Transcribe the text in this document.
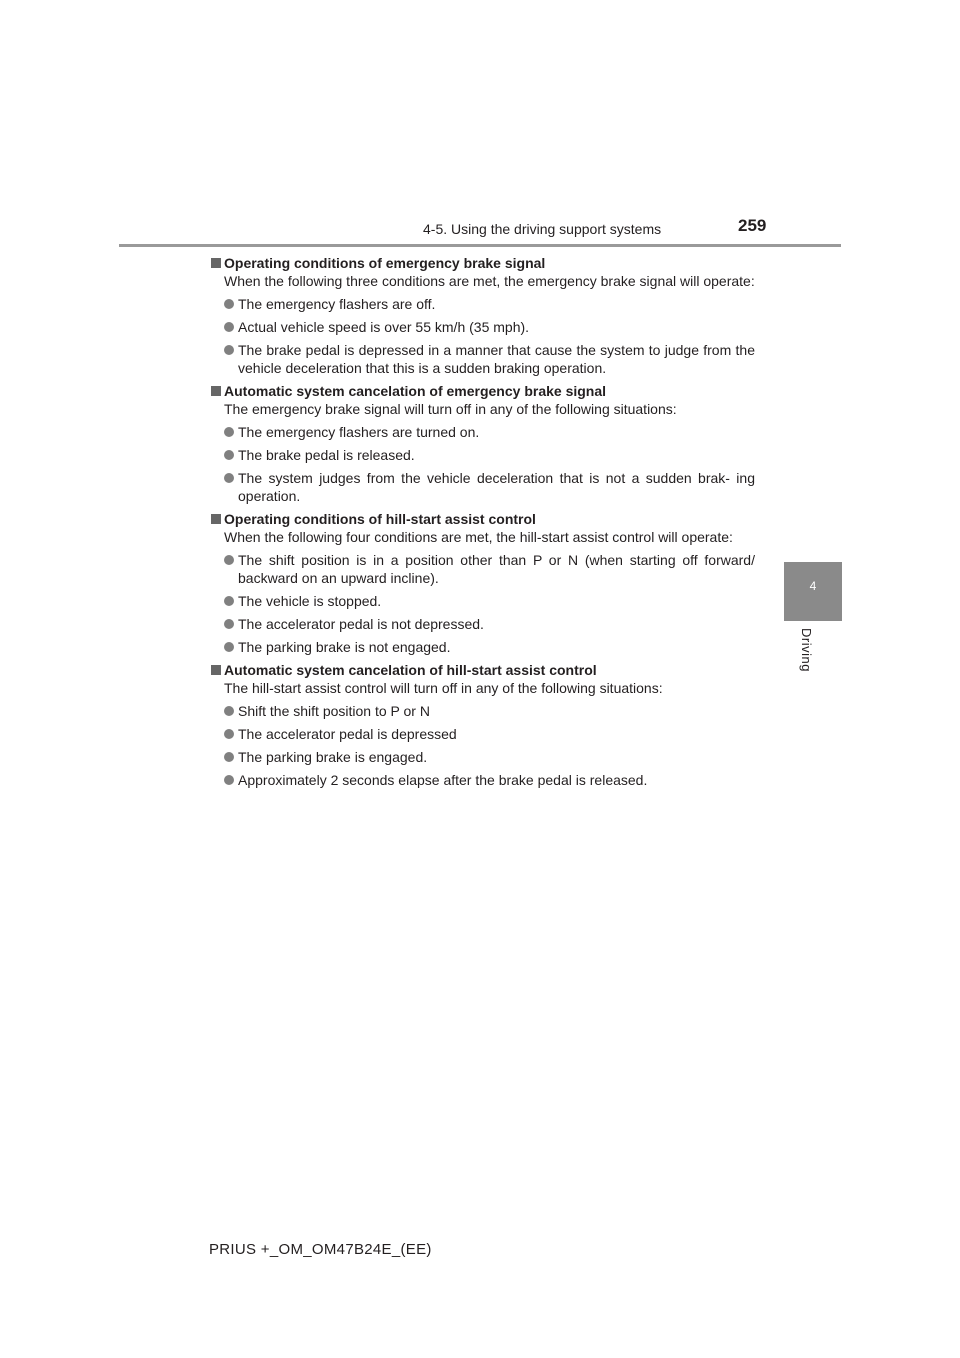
4-5. Using the driving support systems	259
4
Driving
Operating conditions of emergency brake signal
When the following three conditions are met, the emergency brake signal will operate:
The emergency flashers are off.
Actual vehicle speed is over 55 km/h (35 mph).
The brake pedal is depressed in a manner that cause the system to judge from the vehicle deceleration that this is a sudden braking operation.
Automatic system cancelation of emergency brake signal
The emergency brake signal will turn off in any of the following situations:
The emergency flashers are turned on.
The brake pedal is released.
The system judges from the vehicle deceleration that is not a sudden brak- ing operation.
Operating conditions of hill-start assist control
When the following four conditions are met, the hill-start assist control will operate:
The shift position is in a position other than P or N (when starting off forward/ backward on an upward incline).
The vehicle is stopped.
The accelerator pedal is not depressed.
The parking brake is not engaged.
Automatic system cancelation of hill-start assist control
The hill-start assist control will turn off in any of the following situations:
Shift the shift position to P or N
The accelerator pedal is depressed
The parking brake is engaged.
Approximately 2 seconds elapse after the brake pedal is released.
PRIUS +_OM_OM47B24E_(EE)
